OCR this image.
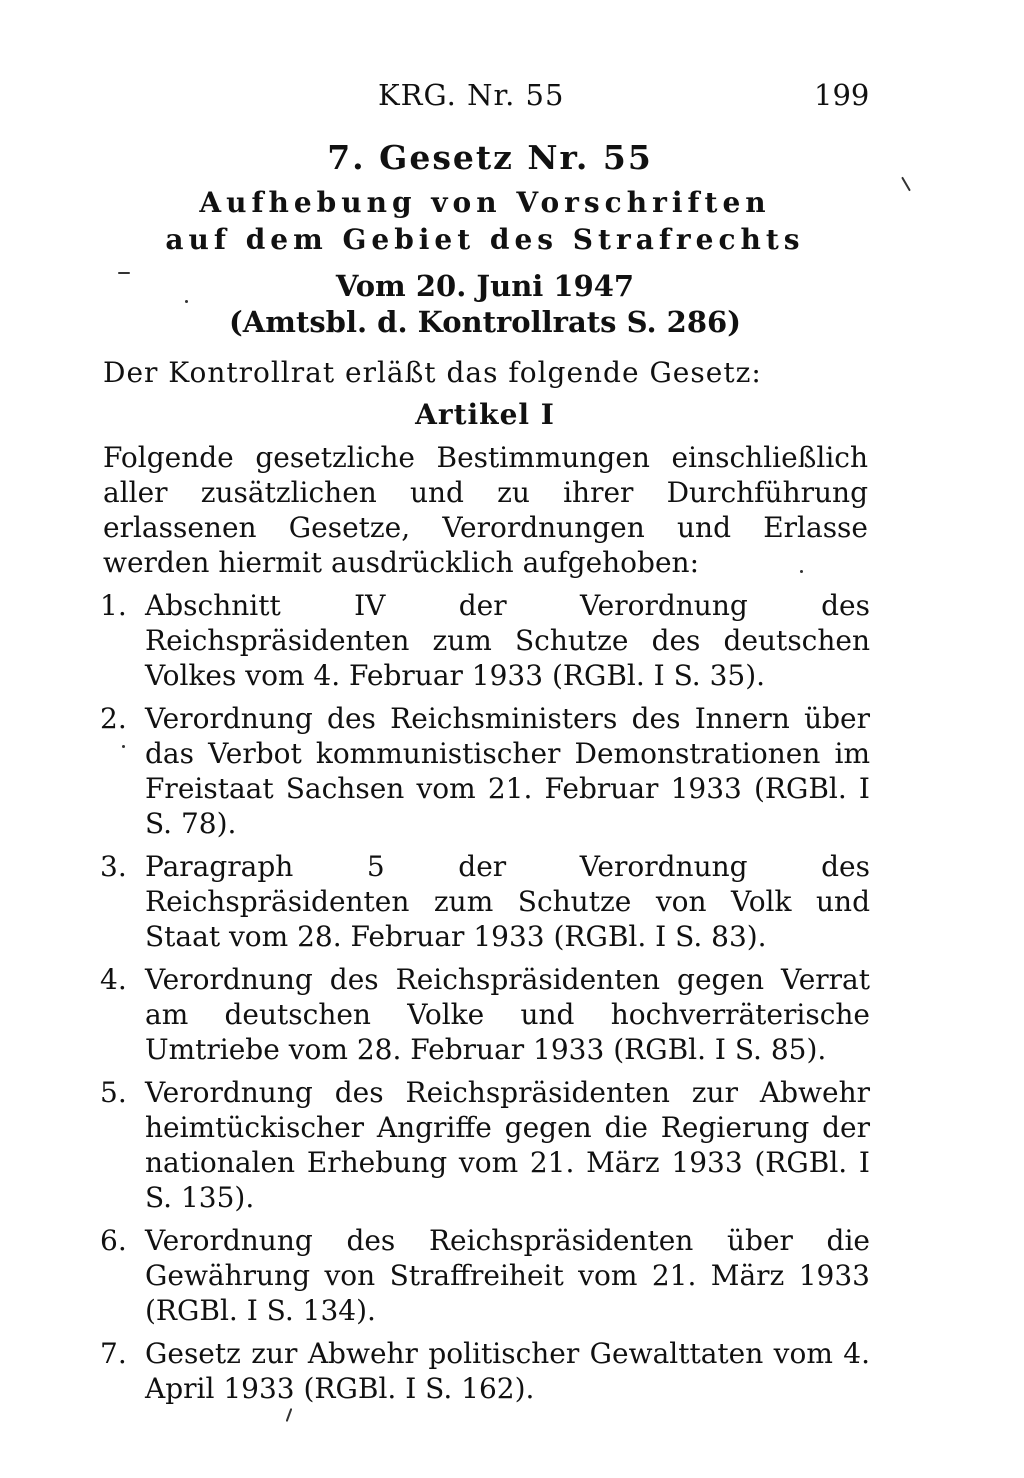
KRG. Nr. 55	199
7. Gesetz Nr. 55
Aufhebung von Vorschriften
auf dem Gebiet des Strafrechts
Vom 20. Juni 1947
(Amtsbl. d. Kontrollrats S. 286)
Der Kontrollrat erläßt das folgende Gesetz:
Artikel I
Folgende gesetzliche Bestimmungen einschließlich aller zusätzlichen und zu ihrer Durchführung erlassenen Gesetze, Verordnungen und Erlasse werden hiermit ausdrücklich aufgehoben:
1. Abschnitt IV der Verordnung des Reichspräsidenten zum Schutze des deutschen Volkes vom 4. Februar 1933 (RGBl. I S. 35).
2. Verordnung des Reichsministers des Innern über das Verbot kommunistischer Demonstrationen im Freistaat Sachsen vom 21. Februar 1933 (RGBl. I S. 78).
3. Paragraph 5 der Verordnung des Reichspräsidenten zum Schutze von Volk und Staat vom 28. Februar 1933 (RGBl. I S. 83).
4. Verordnung des Reichspräsidenten gegen Verrat am deutschen Volke und hochverräterische Umtriebe vom 28. Februar 1933 (RGBl. I S. 85).
5. Verordnung des Reichspräsidenten zur Abwehr heimtückischer Angriffe gegen die Regierung der nationalen Erhebung vom 21. März 1933 (RGBl. I S. 135).
6. Verordnung des Reichspräsidenten über die Gewährung von Straffreiheit vom 21. März 1933 (RGBl. I S. 134).
7. Gesetz zur Abwehr politischer Gewalttaten vom 4. April 1933 (RGBl. I S. 162).
